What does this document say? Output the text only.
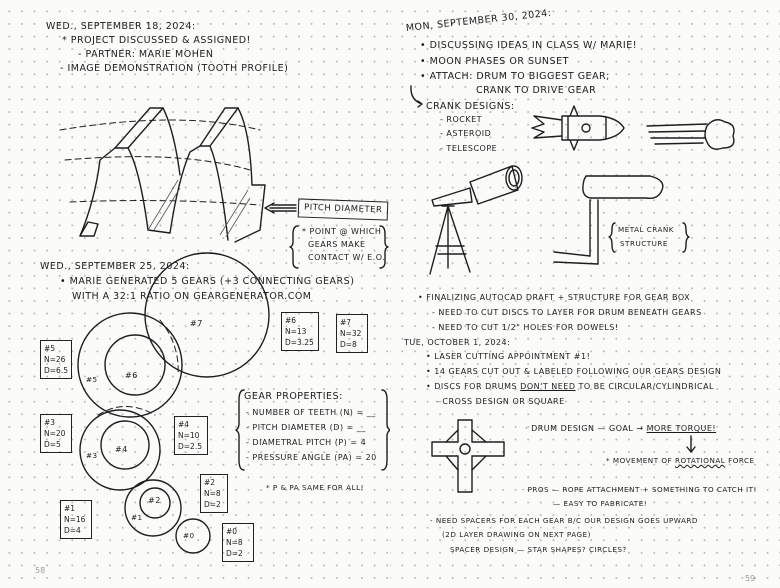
WED., SEPTEMBER 18, 2024:
* PROJECT DISCUSSED & ASSIGNED!
- PARTNER: MARIE MOHEN
- IMAGE DEMONSTRATION (TOOTH PROFILE)
PITCH DIAMETER
* POINT @ WHICH
GEARS MAKE
CONTACT W/ E.O.
WED., SEPTEMBER 25, 2024:
• MARIE GENERATED 5 GEARS (+3 CONNECTING GEARS)
WITH A 32:1 RATIO ON GEARGENERATOR.COM
#7
#6
#5
#4
#3
#2
#1
#0
#5
N=26
D=6.5
#6
N=13
D=3.25
#7
N=32
D=8
#3
N=20
D=5
#4
N=10
D=2.5
#2
N=8
D=2
#1
N=16
D=4	#0
N=8
D=2
GEAR PROPERTIES:
- NUMBER OF TEETH (N) = __
- PITCH DIAMETER (D) = __
- DIAMETRAL PITCH (P) = 4
- PRESSURE ANGLE (PA) = 20
* P & PA SAME FOR ALL!
58
MON, SEPTEMBER 30, 2024:
• DISCUSSING IDEAS IN CLASS W/ MARIE!
• MOON PHASES OR SUNSET
• ATTACH: DRUM TO BIGGEST GEAR;
CRANK TO DRIVE GEAR
CRANK DESIGNS:
- ROCKET
- ASTEROID
- TELESCOPE
METAL CRANK
STRUCTURE
• FINALIZING AUTOCAD DRAFT + STRUCTURE FOR GEAR BOX
- NEED TO CUT DISCS TO LAYER FOR DRUM BENEATH GEARS
- NEED TO CUT 1/2" HOLES FOR DOWELS!
TUE, OCTOBER 1, 2024:
• LASER CUTTING APPOINTMENT #1!
• 14 GEARS CUT OUT & LABELED FOLLOWING OUR GEARS DESIGN
• DISCS FOR DRUMS DON'T NEED TO BE CIRCULAR/CYLINDRICAL
- CROSS DESIGN OR SQUARE
· DRUM DESIGN — GOAL → MORE TORQUE!
* MOVEMENT OF ROTATIONAL FORCE
· PROS — ROPE ATTACHMENT + SOMETHING TO CATCH IT!
— EASY TO FABRICATE!
- NEED SPACERS FOR EACH GEAR B/C OUR DESIGN GOES UPWARD
(2D LAYER DRAWING ON NEXT PAGE)
SPACER DESIGN — STAR SHAPES? CIRCLES?
59
